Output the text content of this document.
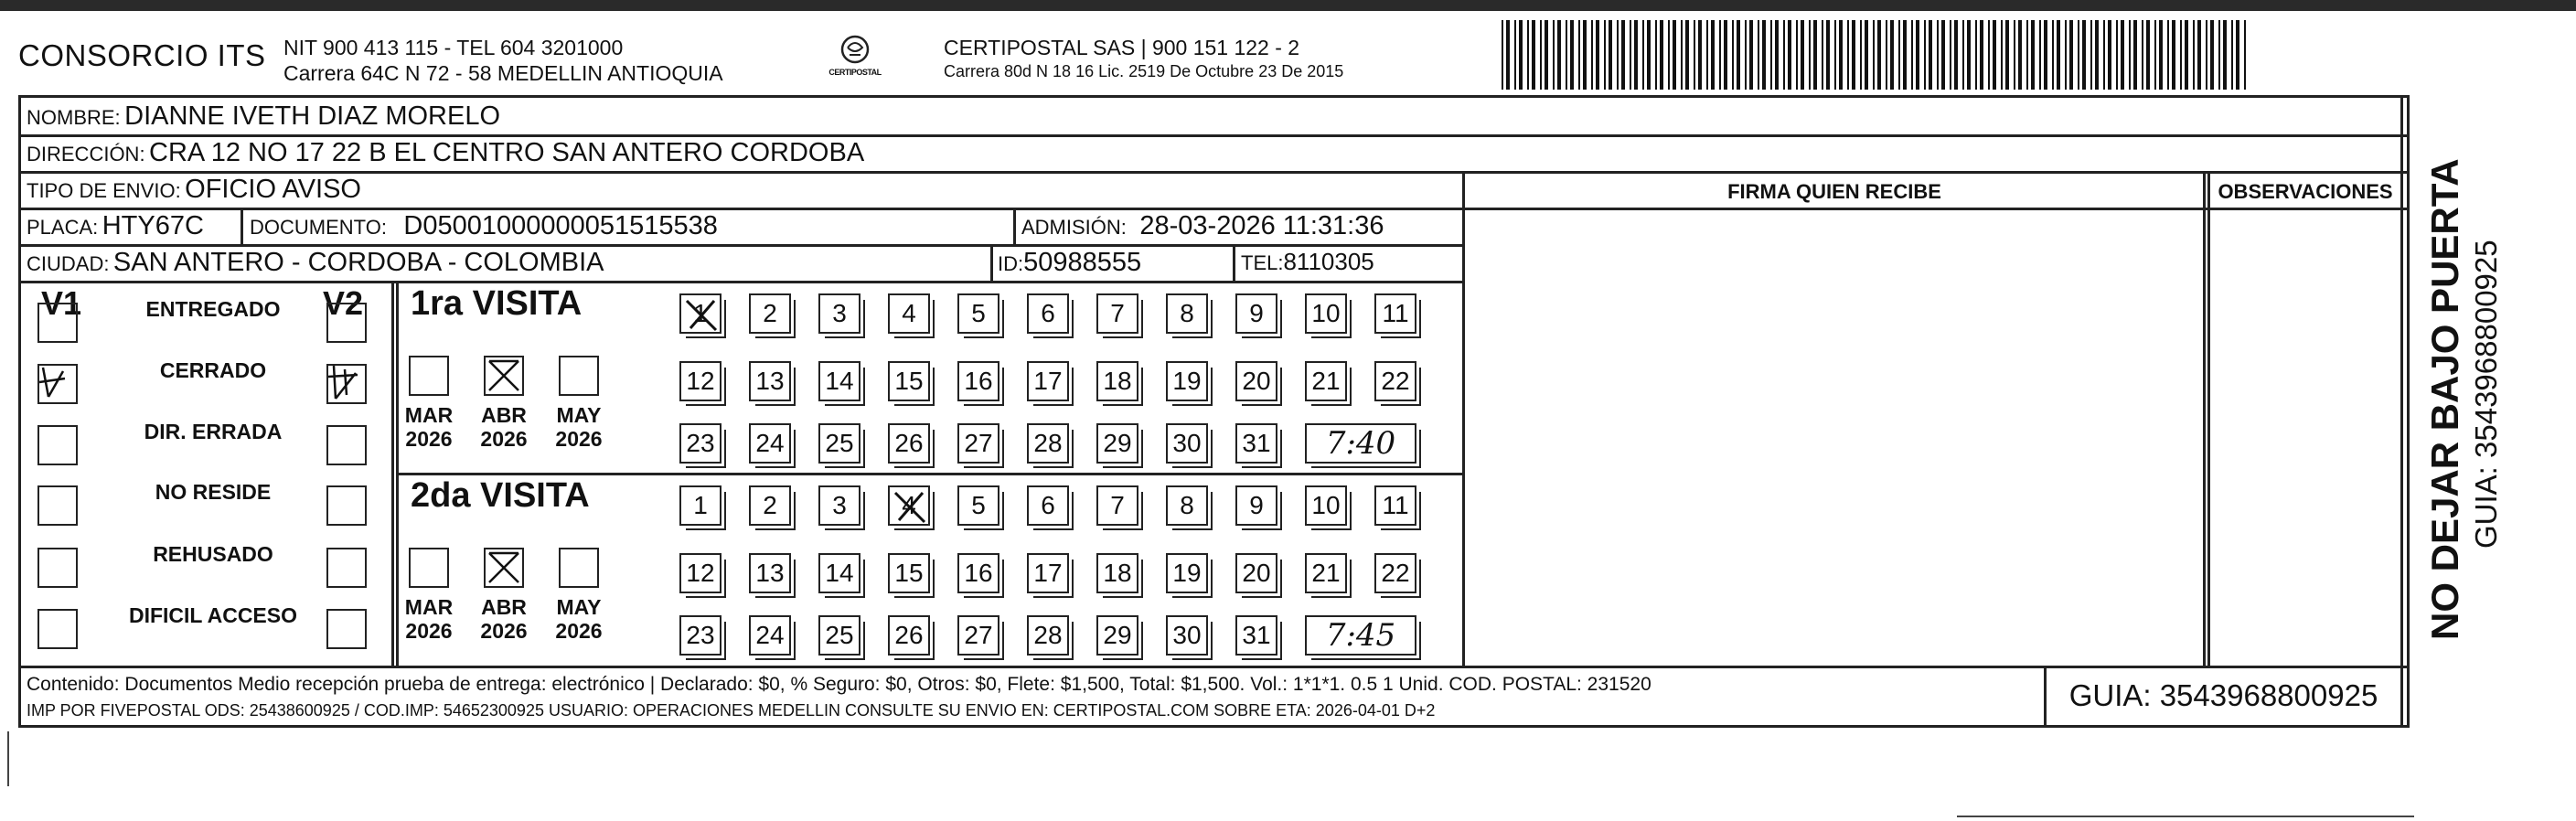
CONSORCIO ITS NIT 900 413 115 - TEL 604 3201000
Carrera 64C N 72 - 58 MEDELLIN ANTIOQUIA	CERTIPOSTAL
CERTIPOSTAL SAS | 900 151 122 - 2
Carrera 80d N 18 16 Lic. 2519 De Octubre 23 De 2015
NOMBRE: DIANNE IVETH DIAZ MORELO
DIRECCIÓN: CRA 12 NO 17 22 B EL CENTRO SAN ANTERO CORDOBA
TIPO DE ENVIO: OFICIO AVISO	FIRMA QUIEN RECIBE	OBSERVACIONES
PLACA: HTY67C DOCUMENTO: D05001000000051515538	ADMISIÓN: 28-03-2026 11:31:36
CIUDAD: SAN ANTERO - CORDOBA - COLOMBIA	ID:50988555	TEL:8110305
V1	V2
ENTREGADO
CERRADO
DIR. ERRADA
NO RESIDE
REHUSADO
DIFICIL ACCESO
1ra VISITA
MAR
2026
ABR
2026
MAY
2026
1	2	3	4	5	6	7	8	9	10	11
12 13 14 15 16 17 18 19 20 21 22
23 24 25 26 27 28 29 30 31	7:40
2da VISITA
MAR
2026
ABR
2026
MAY
2026
1	2	3	4	5	6	7	8	9	10	11
12 13 14 15 16 17 18 19 20 21 22
23 24 25 26 27 28 29 30 31	7:45
Contenido: Documentos Medio recepción prueba de entrega: electrónico | Declarado: $0, % Seguro: $0, Otros: $0, Flete: $1,500, Total: $1,500. Vol.: 1*1*1. 0.5 1 Unid. COD. POSTAL: 231520
IMP POR FIVEPOSTAL ODS: 25438600925 / COD.IMP: 54652300925 USUARIO: OPERACIONES MEDELLIN CONSULTE SU ENVIO EN: CERTIPOSTAL.COM SOBRE ETA: 2026-04-01 D+2	GUIA: 3543968800925
NO DEJAR BAJO PUERTA GUIA: 3543968800925
